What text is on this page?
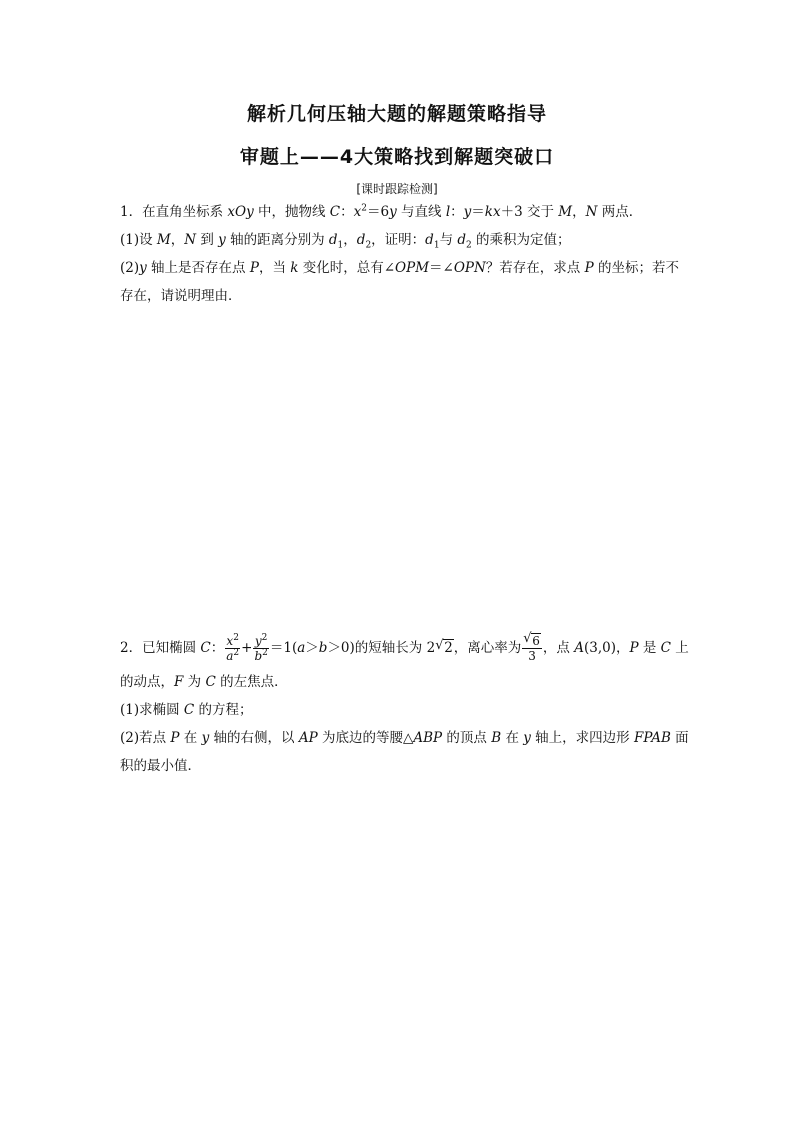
解析几何压轴大题的解题策略指导
审题上——4大策略找到解题突破口
[课时跟踪检测]
1．在直角坐标系 xOy 中，抛物线 C：$x^2=6y$ 与直线 l：y＝kx＋3 交于 M，N 两点．
(1)设 M，N 到 y 轴的距离分别为 $d_1$，$d_2$，证明：$d_1$与 $d_2$ 的乘积为定值；
(2)y 轴上是否存在点 P，当 k 变化时，总有∠OPM＝∠OPN？若存在，求点 P 的坐标；若不
存在，请说明理由．
2．已知椭圆 C： $\frac{x^2}{a^2} + \frac{y^2}{b^2} =1(a>b>0)$的短轴长为 2 √ 2，离心率为 $\frac{√ 6}{3}$ ，点 A(3,0)，P 是 C 上
的动点，F 为 C 的左焦点．
(1)求椭圆 C 的方程；
(2)若点 P 在 y 轴的右侧，以 AP 为底边的等腰△ABP 的顶点 B 在 y 轴上，求四边形 FPAB 面
积的最小值．
